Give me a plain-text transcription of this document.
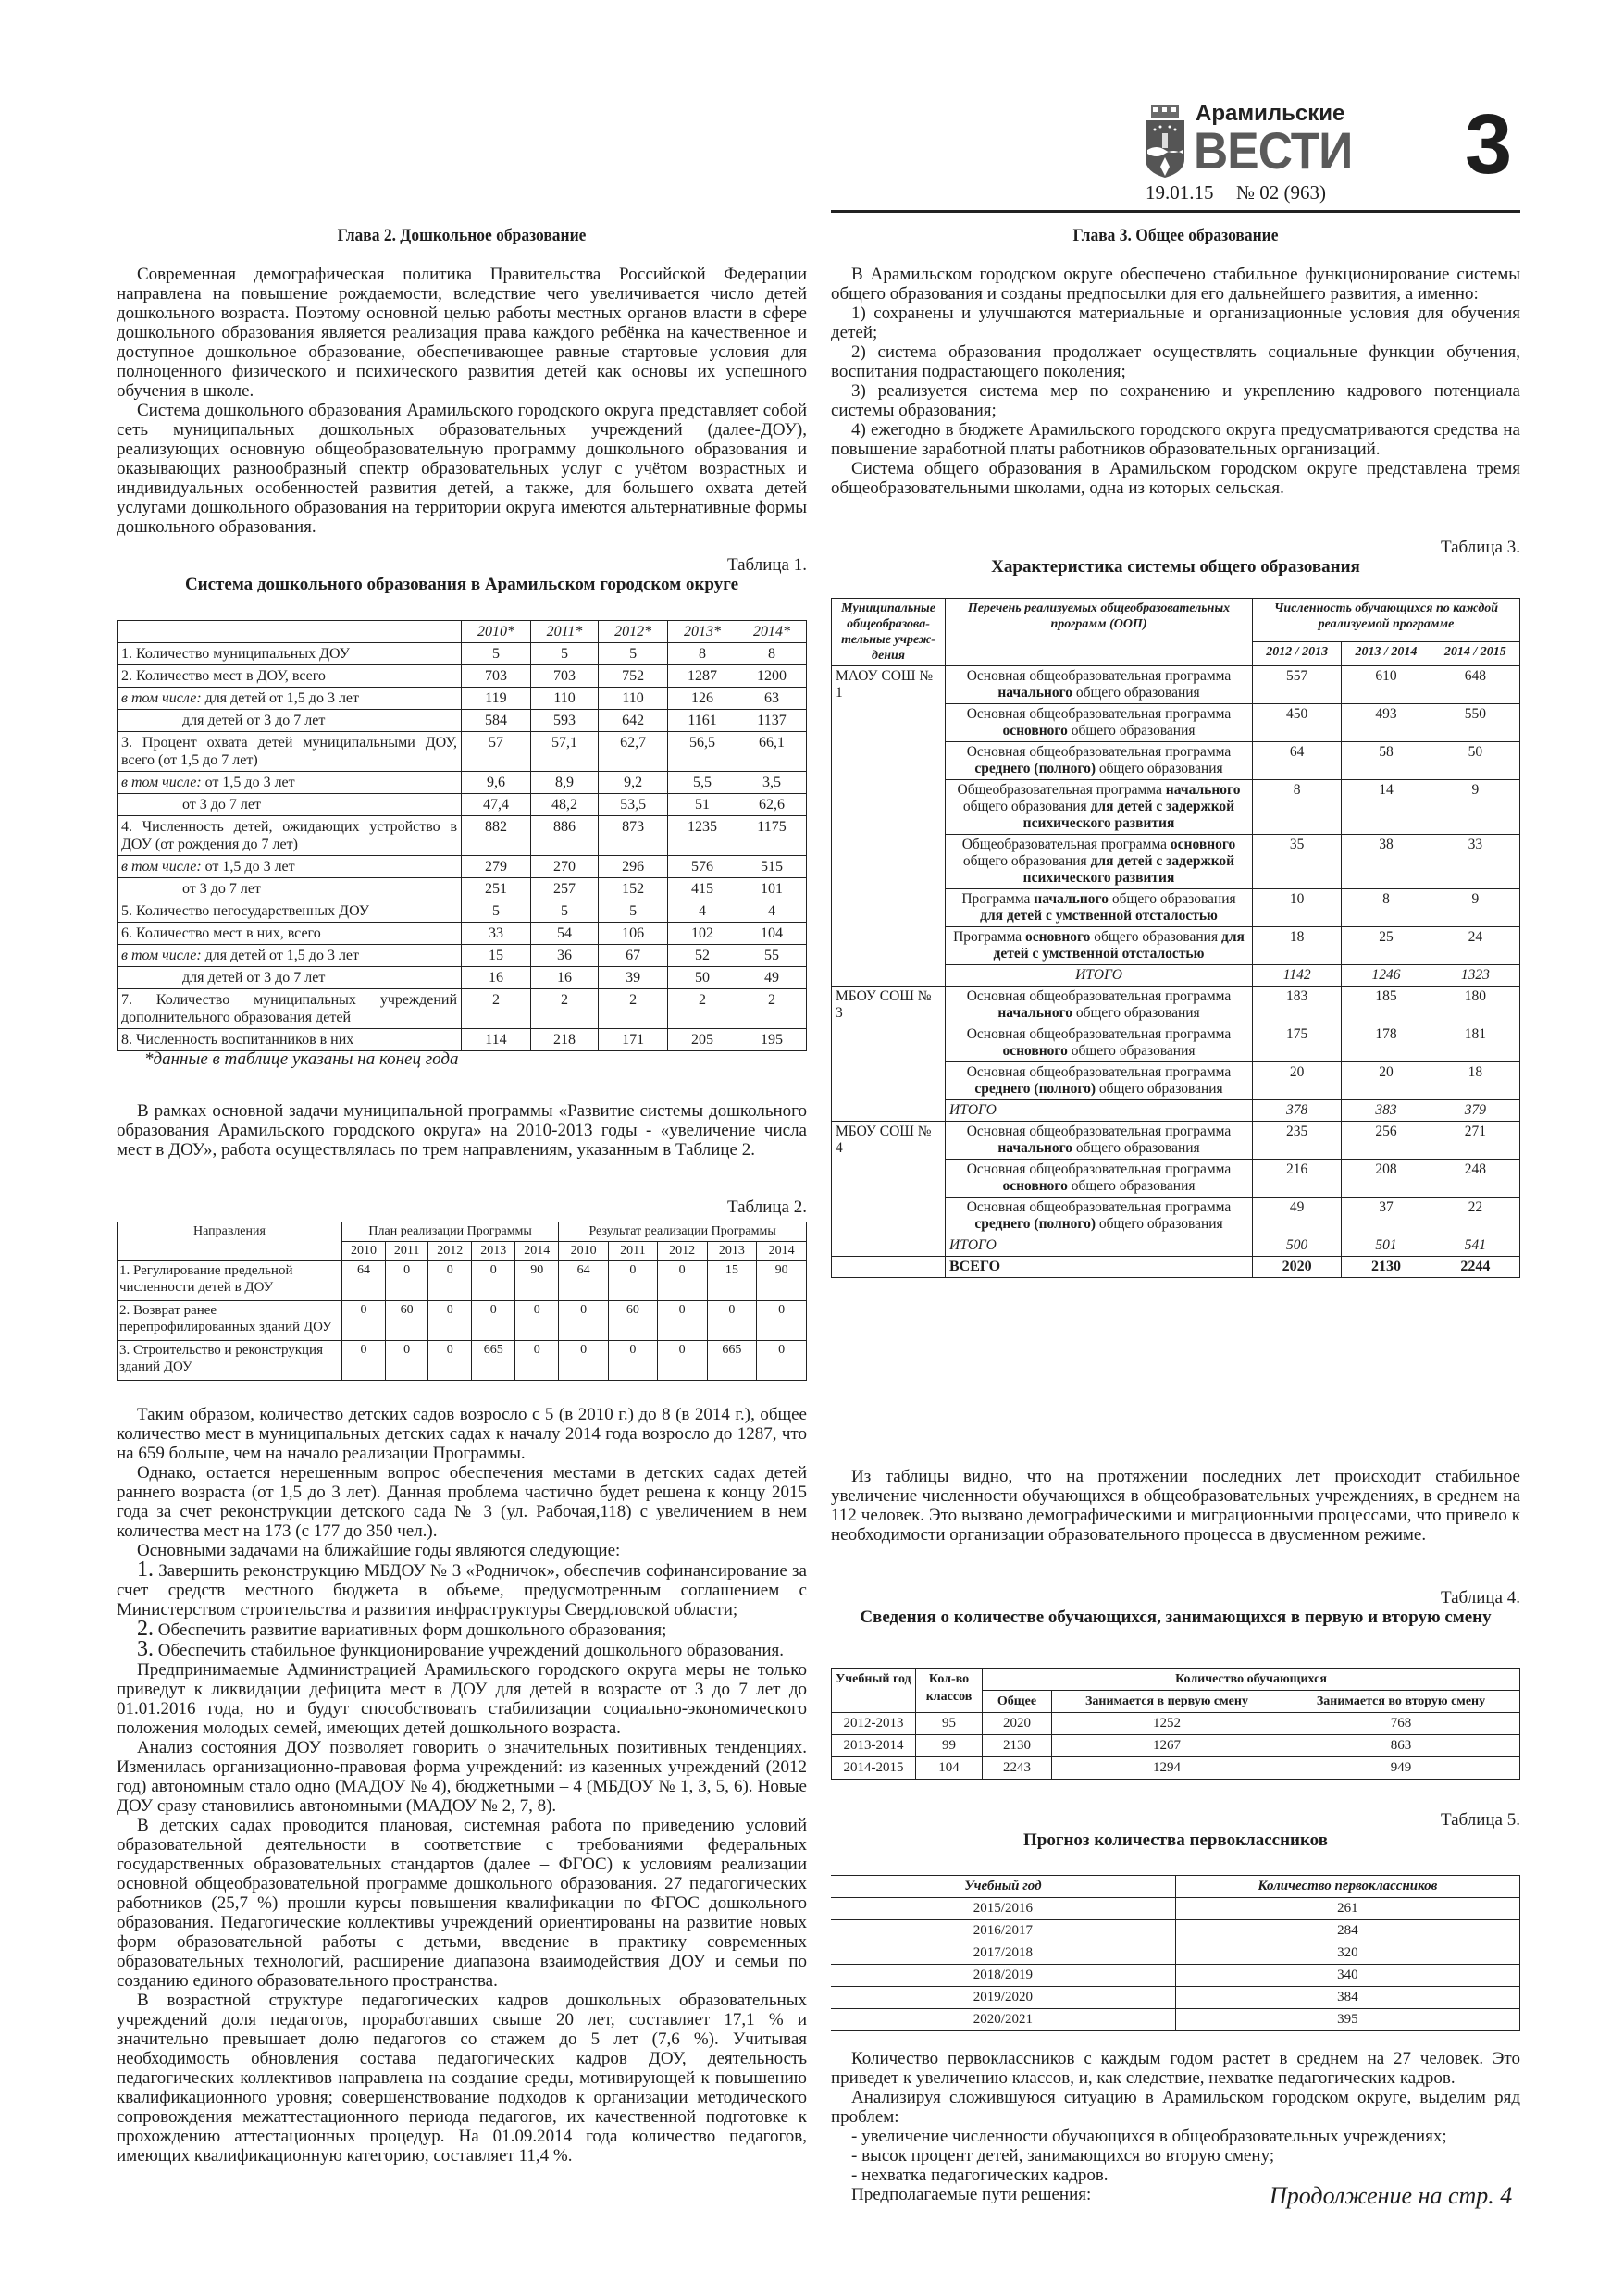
Арамильские
ВЕСТИ
19.01.15 № 02 (963)
3
Глава 2. Дошкольное образование

Современная демографическая политика Правительства Российской Федерации направлена на повышение рождаемости, вследствие чего увеличивается число детей дошкольного возраста. Поэтому основной целью работы местных органов власти в сфере дошкольного образования является реализация права каждого ребёнка на качественное и доступное дошкольное образование, обеспечивающее равные стартовые условия для полноценного физического и психического развития детей как основы их успешного обучения в школе.

Система дошкольного образования Арамильского городского округа представляет собой сеть муниципальных дошкольных образовательных учреждений (далее-ДОУ), реализующих основную общеобразовательную программу дошкольного образования и оказывающих разнообразный спектр образовательных услуг с учётом возрастных и индивидуальных особенностей развития детей, а также, для большего охвата детей услугами дошкольного образования на территории округа имеются альтернативные формы дошкольного образования.

Таблица 1.
Система дошкольного образования в Арамильском городском округе
	2010*	2011*	2012*	2013*	2014*
1. Количество муниципальных ДОУ	5	5	5	8	8
2. Количество мест в ДОУ, всего	703	703	752	1287	1200
в том числе: для детей от 1,5 до 3 лет	119	110	110	126	63
для детей от 3 до 7 лет	584	593	642	1161	1137
3. Процент охвата детей муниципальными ДОУ, всего (от 1,5 до 7 лет)	57	57,1	62,7	56,5	66,1
в том числе: от 1,5 до 3 лет	9,6	8,9	9,2	5,5	3,5
от 3 до 7 лет	47,4	48,2	53,5	51	62,6
4. Численность детей, ожидающих устройство в ДОУ (от рождения до 7 лет)	882	886	873	1235	1175
в том числе: от 1,5 до 3 лет	279	270	296	576	515
от 3 до 7 лет	251	257	152	415	101
5. Количество негосударственных ДОУ	5	5	5	4	4
6. Количество мест в них, всего	33	54	106	102	104
в том числе: для детей от 1,5 до 3 лет	15	36	67	52	55
для детей от 3 до 7 лет	16	16	39	50	49
7. Количество муниципальных учреждений дополнительного образования детей	2	2	2	2	2
8. Численность воспитанников в них	114	218	171	205	195
*данные в таблице указаны на конец года

В рамках основной задачи муниципальной программы «Развитие системы дошкольного образования Арамильского городского округа» на 2010-2013 годы - «увеличение числа мест в ДОУ», работа осуществлялась по трем направлениям, указанным в Таблице 2.

Таблица 2.
Направления	План реализации Программы					Результат реализации Программы				
	2010	2011	2012	2013	2014	2010	2011	2012	2013	2014
1. Регулирование предельной численности детей в ДОУ	64	0	0	0	90	64	0	0	15	90
2. Возврат ранее перепрофилированных зданий ДОУ	0	60	0	0	0	0	60	0	0	0
3. Строительство и реконструкция зданий ДОУ	0	0	0	665	0	0	0	0	665	0

Таким образом, количество детских садов возросло с 5 (в 2010 г.) до 8 (в 2014 г.), общее количество мест в муниципальных детских садах к началу 2014 года возросло до 1287, что на 659 больше, чем на начало реализации Программы.

Однако, остается нерешенным вопрос обеспечения местами в детских садах детей раннего возраста (от 1,5 до 3 лет). Данная проблема частично будет решена к концу 2015 года за счет реконструкции детского сада № 3 (ул. Рабочая,118) с увеличением в нем количества мест на 173 (с 177 до 350 чел.).

Основными задачами на ближайшие годы являются следующие:

1. Завершить реконструкцию МБДОУ № 3 «Родничок», обеспечив софинансирование за счет средств местного бюджета в объеме, предусмотренным соглашением с Министерством строительства и развития инфраструктуры Свердловской области;

2. Обеспечить развитие вариативных форм дошкольного образования;

3. Обеспечить стабильное функционирование учреждений дошкольного образования.

Предпринимаемые Администрацией Арамильского городского округа меры не только приведут к ликвидации дефицита мест в ДОУ для детей в возрасте от 3 до 7 лет до 01.01.2016 года, но и будут способствовать стабилизации социально-экономического положения молодых семей, имеющих детей дошкольного возраста.

Анализ состояния ДОУ позволяет говорить о значительных позитивных тенденциях. Изменилась организационно-правовая форма учреждений: из казенных учреждений (2012 год) автономным стало одно (МАДОУ № 4), бюджетными – 4 (МБДОУ № 1, 3, 5, 6). Новые ДОУ сразу становились автономными (МАДОУ № 2, 7, 8).

В детских садах проводится плановая, системная работа по приведению условий образовательной деятельности в соответствие с требованиями федеральных государственных образовательных стандартов (далее – ФГОС) к условиям реализации основной общеобразовательной программе дошкольного образования. 27 педагогических работников (25,7 %) прошли курсы повышения квалификации по ФГОС дошкольного образования. Педагогические коллективы учреждений ориентированы на развитие новых форм образовательной работы с детьми, введение в практику современных образовательных технологий, расширение диапазона взаимодействия ДОУ и семьи по созданию единого образовательного пространства.

В возрастной структуре педагогических кадров дошкольных образовательных учреждений доля педагогов, проработавших свыше 20 лет, составляет 17,1 % и значительно превышает долю педагогов со стажем до 5 лет (7,6 %). Учитывая необходимость обновления состава педагогических кадров ДОУ, деятельность педагогических коллективов направлена на создание среды, мотивирующей к повышению квалификационного уровня; совершенствование подходов к организации методического сопровождения межаттестационного периода педагогов, их качественной подготовке к прохождению аттестационных процедур. На 01.09.2014 года количество педагогов, имеющих квалификационную категорию, составляет 11,4 %.

Глава 3. Общее образование

В Арамильском городском округе обеспечено стабильное функционирование системы общего образования и созданы предпосылки для его дальнейшего развития, а именно:

1) сохранены и улучшаются материальные и организационные условия для обучения детей;

2) система образования продолжает осуществлять социальные функции обучения, воспитания подрастающего поколения;

3) реализуется система мер по сохранению и укреплению кадрового потенциала системы образования;

4) ежегодно в бюджете Арамильского городского округа предусматриваются средства на повышение заработной платы работников образовательных организаций.

Система общего образования в Арамильском городском округе представлена тремя общеобразовательными школами, одна из которых сельская.

Таблица 3.
Характеристика системы общего образования
Муниципальные общеобразовательные учреждения	Перечень реализуемых общеобразовательных программ (ООП)	Численность обучающихся по каждой реализуемой программе		
		2012 / 2013	2013 / 2014	2014 / 2015
МАОУ СОШ № 1	Основная общеобразовательная программа начального общего образования	557	610	648
	Основная общеобразовательная программа основного общего образования	450	493	550
	Основная общеобразовательная программа среднего (полного) общего образования	64	58	50
	Общеобразовательная программа начального общего образования для детей с задержкой психического развития	8	14	9
	Общеобразовательная программа основного общего образования для детей с задержкой психического развития	35	38	33
	Программа начального общего образования для детей с умственной отсталостью	10	8	9
	Программа основного общего образования для детей с умственной отсталостью	18	25	24
	ИТОГО	1142	1246	1323
МБОУ СОШ № 3	Основная общеобразовательная программа начального общего образования	183	185	180
	Основная общеобразовательная программа основного общего образования	175	178	181
	Основная общеобразовательная программа среднего (полного) общего образования	20	20	18
	ИТОГО	378	383	379
МБОУ СОШ № 4	Основная общеобразовательная программа начального общего образования	235	256	271
	Основная общеобразовательная программа основного общего образования	216	208	248
	Основная общеобразовательная программа среднего (полного) общего образования	49	37	22
	ИТОГО	500	501	541
	ВСЕГО	2020	2130	2244

Из таблицы видно, что на протяжении последних лет происходит стабильное увеличение численности обучающихся в общеобразовательных учреждениях, в среднем на 112 человек. Это вызвано демографическими и миграционными процессами, что привело к необходимости организации образовательного процесса в двусменном режиме.

Таблица 4.
Сведения о количестве обучающихся, занимающихся в первую и вторую смену
Учебный год	Кол-во классов	Количество обучающихся		
		Общее	Занимается в первую смену	Занимается во вторую смену
2012-2013	95	2020	1252	768
2013-2014	99	2130	1267	863
2014-2015	104	2243	1294	949
Таблица 5.
Прогноз количества первоклассников
Учебный год	Количество первоклассников
2015/2016	261
2016/2017	284
2017/2018	320
2018/2019	340
2019/2020	384
2020/2021	395

Количество первоклассников с каждым годом растет в среднем на 27 человек. Это приведет к увеличению классов, и, как следствие, нехватке педагогических кадров.

Анализируя сложившуюся ситуацию в Арамильском городском округе, выделим ряд проблем:

- увеличение численности обучающихся в общеобразовательных учреждениях;

- высок процент детей, занимающихся во вторую смену;

- нехватка педагогических кадров.

Предполагаемые пути решения:	Продолжение на стр. 4
